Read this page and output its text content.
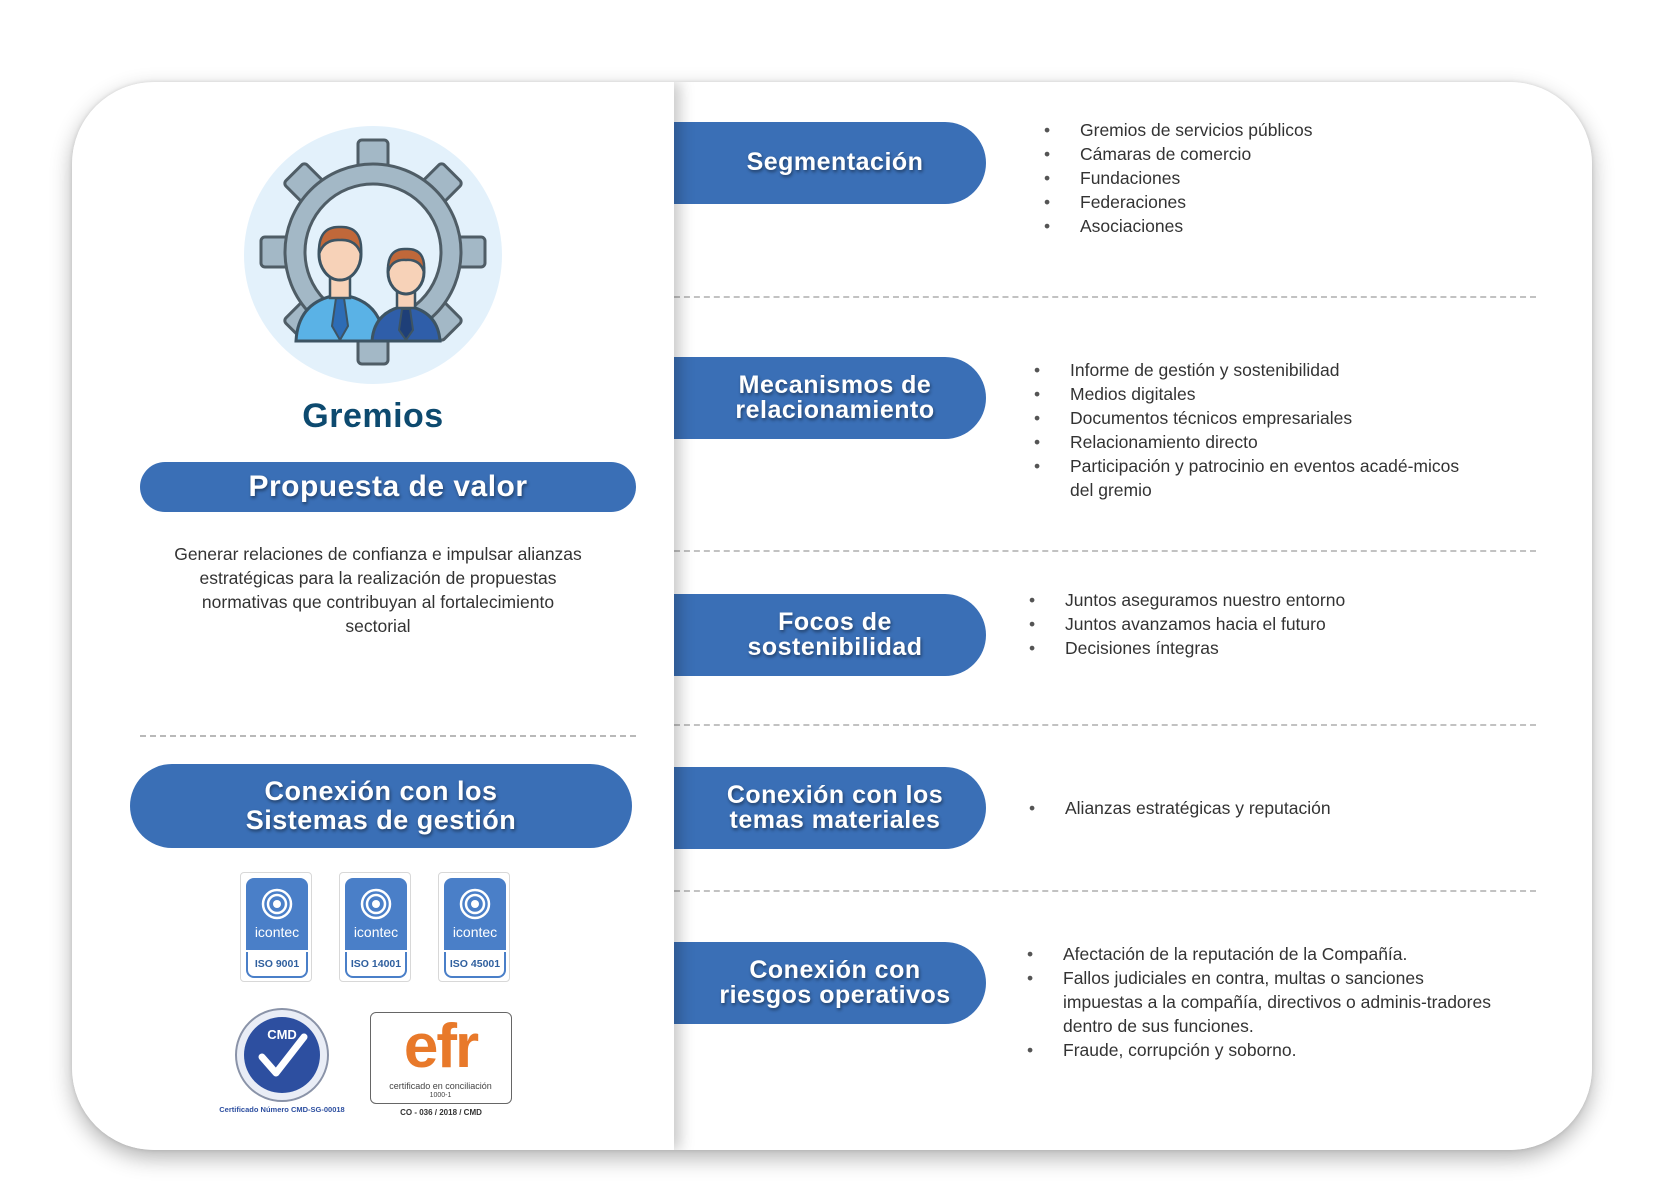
Gremios
Propuesta de valor

Generar relaciones de confianza e impulsar alianzas estratégicas para la realización de propuestas normativas que contribuyan al fortalecimiento sectorial

Conexión con los
Sistemas de gestión
icontec
ISO 9001
icontec
ISO 14001
icontec
ISO 45001
CMD
Certificado Número CMD-SG-00018
efr
certificado en conciliación
1000-1
CO - 036 / 2018 / CMD
Segmentación
• Gremios de servicios públicos
• Cámaras de comercio
• Fundaciones
• Federaciones
• Asociaciones
Mecanismos de
relacionamiento
• Informe de gestión y sostenibilidad
• Medios digitales
• Documentos técnicos empresariales
• Relacionamiento directo
• Participación y patrocinio en eventos acadé-micos del gremio
Focos de
sostenibilidad
• Juntos aseguramos nuestro entorno
• Juntos avanzamos hacia el futuro
• Decisiones íntegras
Conexión con los
temas materiales
•	Alianzas estratégicas y reputación
Conexión con
riesgos operativos
• Afectación de la reputación de la Compañía.
• Fallos judiciales en contra, multas o sanciones impuestas a la compañía, directivos o adminis-tradores dentro de sus funciones.
• Fraude, corrupción y soborno.
